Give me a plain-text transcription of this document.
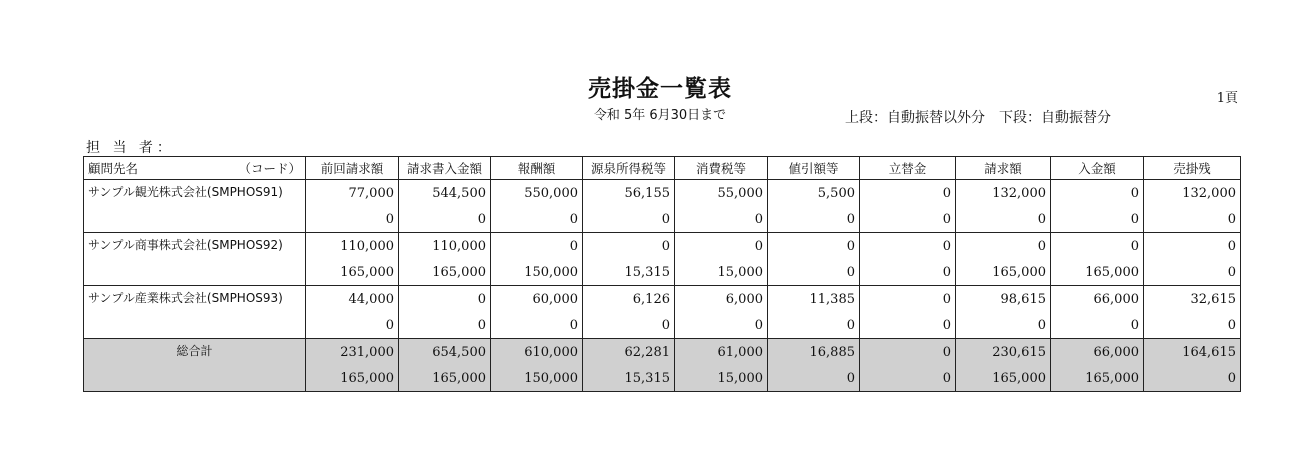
売掛金一覧表
令和 5年 6月30日まで
1頁
上段：自動振替以外分　下段：自動振替分
担 当 者：
顧問先名 （コード）	前回請求額	請求書入金額	報酬額	源泉所得税等	消費税等	値引額等	立替金	請求額	入金額	売掛残
サンプル観光株式会社(SMPHOS91)	77,000	544,500	550,000	56,155	55,000	5,500	0	132,000	0	132,000
	0	0	0	0	0	0	0	0	0	0
サンプル商事株式会社(SMPHOS92)	110,000	110,000	0	0	0	0	0	0	0	0
	165,000	165,000	150,000	15,315	15,000	0	0	165,000	165,000	0
サンプル産業株式会社(SMPHOS93)	44,000	0	60,000	6,126	6,000	11,385	0	98,615	66,000	32,615
	0	0	0	0	0	0	0	0	0	0
総合計	231,000	654,500	610,000	62,281	61,000	16,885	0	230,615	66,000	164,615
	165,000	165,000	150,000	15,315	15,000	0	0	165,000	165,000	0
